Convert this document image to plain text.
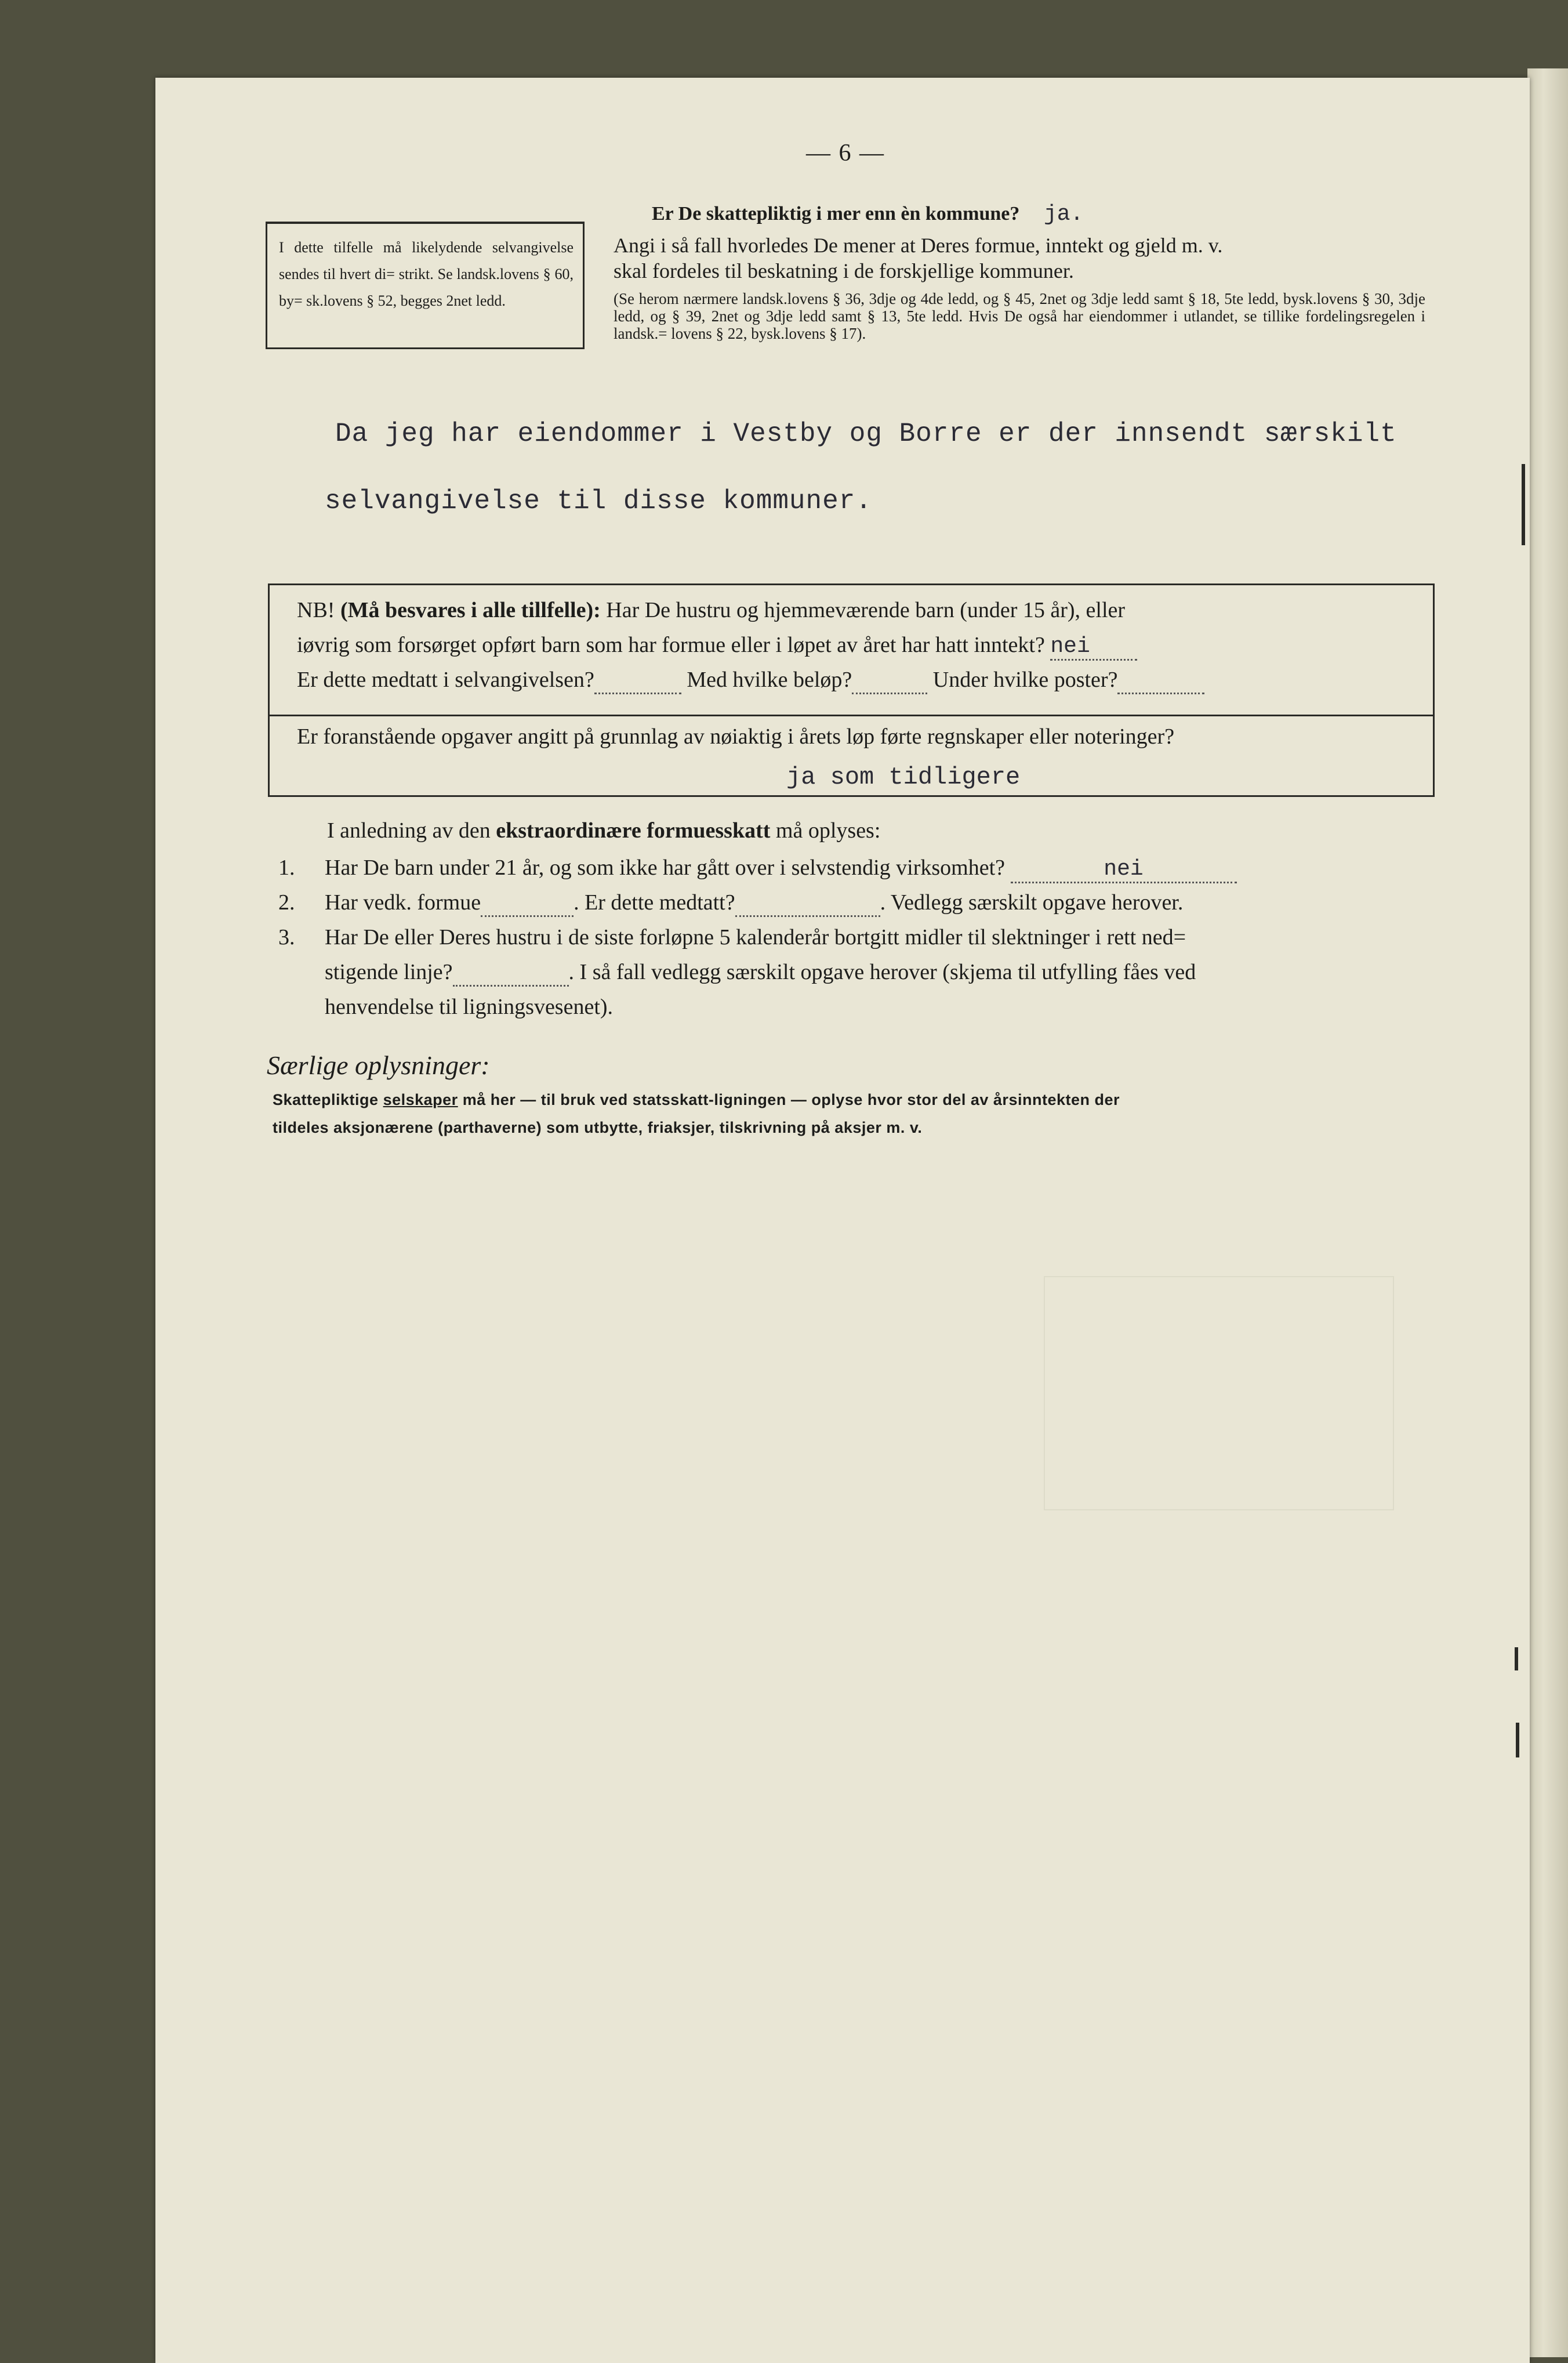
— 6 —
I dette tilfelle må likelydende selvangivelse sendes til hvert di= strikt. Se landsk.lovens § 60, by= sk.lovens § 52, begges 2net ledd.
Er De skattepliktig i mer enn èn kommune? ja.
Angi i så fall hvorledes De mener at Deres formue, inntekt og gjeld m. v.
skal fordeles til beskatning i de forskjellige kommuner.
(Se herom nærmere landsk.lovens § 36, 3dje og 4de ledd, og § 45, 2net og 3dje ledd samt § 18, 5te ledd, bysk.lovens § 30, 3dje ledd, og § 39, 2net og 3dje ledd samt § 13, 5te ledd. Hvis De også har eiendommer i utlandet, se tillike fordelingsregelen i landsk.= lovens § 22, bysk.lovens § 17).
Da jeg har eiendommer i Vestby og Borre er der innsendt særskilt
selvangivelse til disse kommuner.
NB! (Må besvares i alle tillfelle): Har De hustru og hjemmeværende barn (under 15 år), eller
iøvrig som forsørget opført barn som har formue eller i løpet av året har hatt inntekt? nei
Er dette medtatt i selvangivelsen?	Med hvilke beløp?	Under hvilke poster?
Er foranstående opgaver angitt på grunnlag av nøiaktig i årets løp førte regnskaper eller noteringer?
ja som tidligere
I anledning av den ekstraordinære formuesskatt må oplyses:
1. Har De barn under 21 år, og som ikke har gått over i selvstendig virksomhet?	nei
2. Har vedk. formue	. Er dette medtatt?	. Vedlegg særskilt opgave herover.
3. Har De eller Deres hustru i de siste forløpne 5 kalenderår bortgitt midler til slektninger i rett ned=
stigende linje?	. I så fall vedlegg særskilt opgave herover (skjema til utfylling fåes ved
henvendelse til ligningsvesenet).
Særlige oplysninger:
Skattepliktige selskaper må her — til bruk ved statsskatt-ligningen — oplyse hvor stor del av årsinntekten der
tildeles aksjonærene (parthaverne) som utbytte, friaksjer, tilskrivning på aksjer m. v.
